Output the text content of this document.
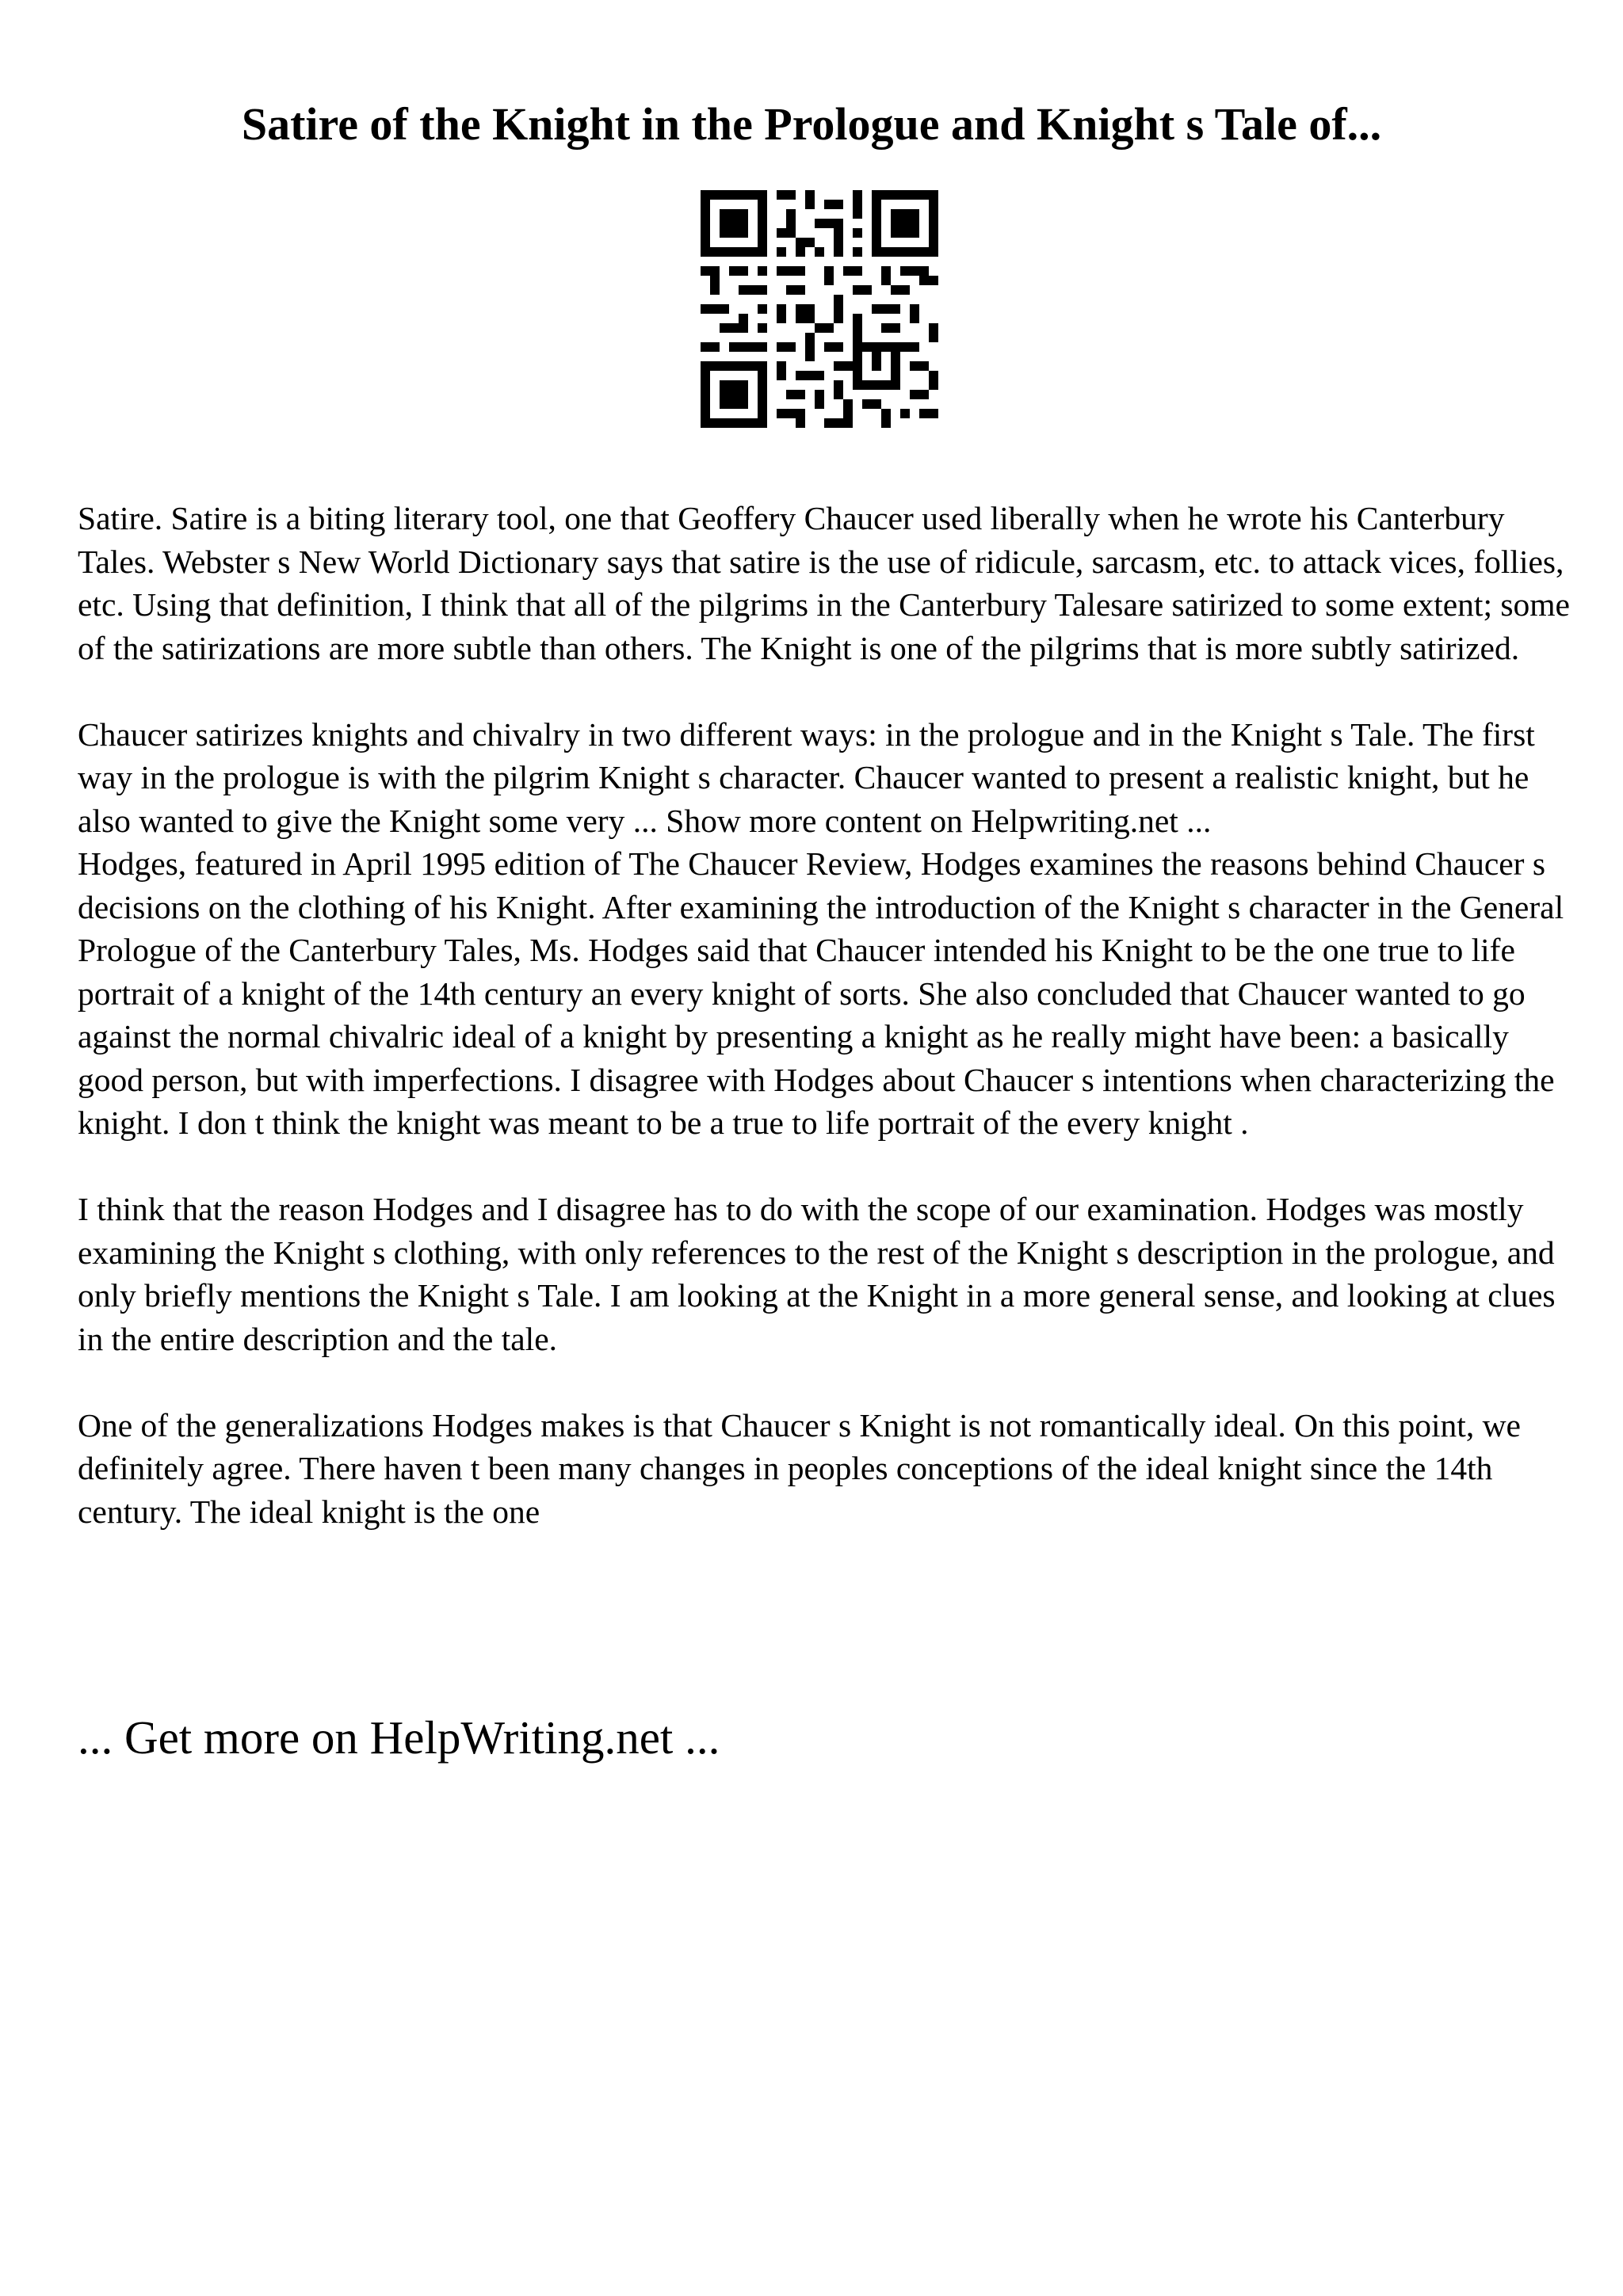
Satire of the Knight in the Prologue and Knight s Tale of...

Satire. Satire is a biting literary tool, one that Geoffery Chaucer used liberally when he wrote his Canterbury Tales. Webster s New World Dictionary says that satire is the use of ridicule, sarcasm, etc. to attack vices, follies, etc. Using that definition, I think that all of the pilgrims in the Canterbury Talesare satirized to some extent; some of the satirizations are more subtle than others. The Knight is one of the pilgrims that is more subtly satirized.

Chaucer satirizes knights and chivalry in two different ways: in the prologue and in the Knight s Tale. The first way in the prologue is with the pilgrim Knight s character. Chaucer wanted to present a realistic knight, but he also wanted to give the Knight some very ... Show more content on Helpwriting.net ...

Hodges, featured in April 1995 edition of The Chaucer Review, Hodges examines the reasons behind Chaucer s decisions on the clothing of his Knight. After examining the introduction of the Knight s character in the General Prologue of the Canterbury Tales, Ms. Hodges said that Chaucer intended his Knight to be the one true to life portrait of a knight of the 14th century an every knight of sorts. She also concluded that Chaucer wanted to go against the normal chivalric ideal of a knight by presenting a knight as he really might have been: a basically good person, but with imperfections. I disagree with Hodges about Chaucer s intentions when characterizing the knight. I don t think the knight was meant to be a true to life portrait of the every knight .

I think that the reason Hodges and I disagree has to do with the scope of our examination. Hodges was mostly examining the Knight s clothing, with only references to the rest of the Knight s description in the prologue, and only briefly mentions the Knight s Tale. I am looking at the Knight in a more general sense, and looking at clues in the entire description and the tale.

One of the generalizations Hodges makes is that Chaucer s Knight is not romantically ideal. On this point, we definitely agree. There haven t been many changes in peoples conceptions of the ideal knight since the 14th century. The ideal knight is the one

... Get more on HelpWriting.net ...
